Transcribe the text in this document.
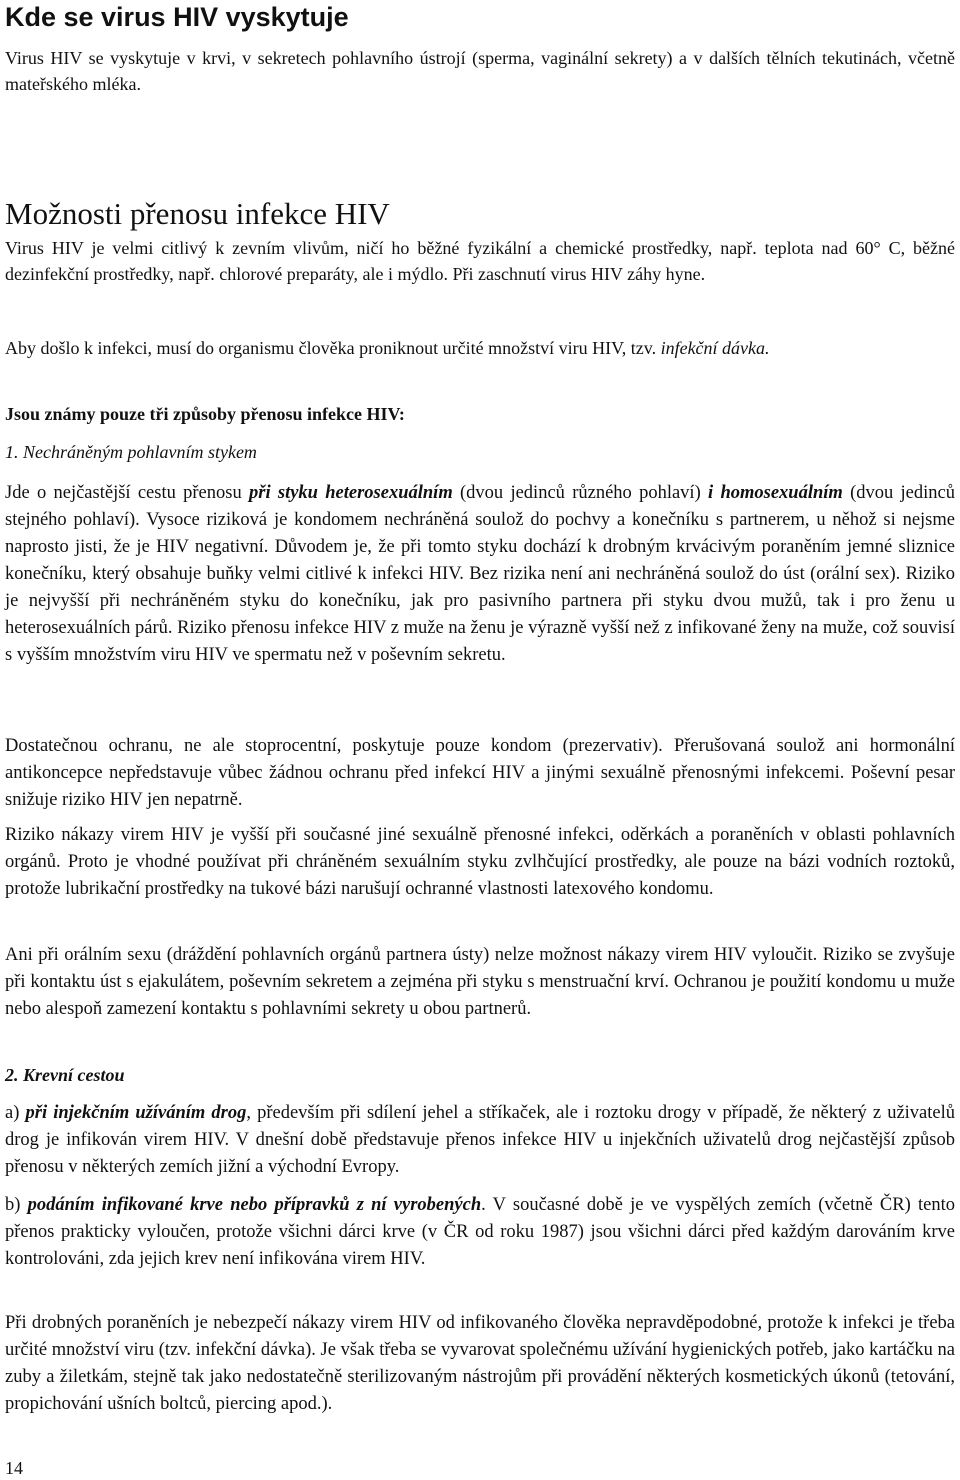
Kde se virus HIV vyskytuje

Virus HIV se vyskytuje v krvi, v sekretech pohlavního ústrojí (sperma, vaginální sekrety) a v dalších tělních tekutinách, včetně mateřského mléka.

Možnosti přenosu infekce HIV

Virus HIV je velmi citlivý k zevním vlivům, ničí ho běžné fyzikální a chemické prostředky, např. teplota nad 60° C, běžné dezinfekční prostředky, např. chlorové preparáty, ale i mýdlo. Při zaschnutí virus HIV záhy hyne.

Aby došlo k infekci, musí do organismu člověka proniknout určité množství viru HIV, tzv. infekční dávka.

Jsou známy pouze tři způsoby přenosu infekce HIV:

1. Nechráněným pohlavním stykem

Jde o nejčastější cestu přenosu při styku heterosexuálním (dvou jedinců různého pohlaví) i homosexuálním (dvou jedinců stejného pohlaví). Vysoce riziková je kondomem nechráněná soulož do pochvy a konečníku s partnerem, u něhož si nejsme naprosto jisti, že je HIV negativní. Důvodem je, že při tomto styku dochází k drobným krvácivým poraněním jemné sliznice konečníku, který obsahuje buňky velmi citlivé k infekci HIV. Bez rizika není ani nechráněná soulož do úst (orální sex). Riziko je nejvyšší při nechráněném styku do konečníku, jak pro pasivního partnera při styku dvou mužů, tak i pro ženu u heterosexuálních párů. Riziko přenosu infekce HIV z muže na ženu je výrazně vyšší než z infikované ženy na muže, což souvisí s vyšším množstvím viru HIV ve spermatu než v poševním sekretu.

Dostatečnou ochranu, ne ale stoprocentní, poskytuje pouze kondom (prezervativ). Přerušovaná soulož ani hormonální antikoncepce nepředstavuje vůbec žádnou ochranu před infekcí HIV a jinými sexuálně přenosnými infekcemi. Poševní pesar snižuje riziko HIV jen nepatrně.

Riziko nákazy virem HIV je vyšší při současné jiné sexuálně přenosné infekci, oděrkách a poraněních v oblasti pohlavních orgánů. Proto je vhodné používat při chráněném sexuálním styku zvlhčující prostředky, ale pouze na bázi vodních roztoků, protože lubrikační prostředky na tukové bázi narušují ochranné vlastnosti latexového kondomu.

Ani při orálním sexu (dráždění pohlavních orgánů partnera ústy) nelze možnost nákazy virem HIV vyloučit. Riziko se zvyšuje při kontaktu úst s ejakulátem, poševním sekretem a zejména při styku s menstruační krví. Ochranou je použití kondomu u muže nebo alespoň zamezení kontaktu s pohlavními sekrety u obou partnerů.

2. Krevní cestou

a) při injekčním užíváním drog, především při sdílení jehel a stříkaček, ale i roztoku drogy v případě, že některý z uživatelů drog je infikován virem HIV. V dnešní době představuje přenos infekce HIV u injekčních uživatelů drog nejčastější způsob přenosu v některých zemích jižní a východní Evropy.

b) podáním infikované krve nebo přípravků z ní vyrobených. V současné době je ve vyspělých zemích (včetně ČR) tento přenos prakticky vyloučen, protože všichni dárci krve (v ČR od roku 1987) jsou všichni dárci před každým darováním krve kontrolováni, zda jejich krev není infikována virem HIV.

Při drobných poraněních je nebezpečí nákazy virem HIV od infikovaného člověka nepravděpodobné, protože k infekci je třeba určité množství viru (tzv. infekční dávka). Je však třeba se vyvarovat společnému užívání hygienických potřeb, jako kartáčku na zuby a žiletkám, stejně tak jako nedostatečně sterilizovaným nástrojům při provádění některých kosmetických úkonů (tetování, propichování ušních boltců, piercing apod.).

14
